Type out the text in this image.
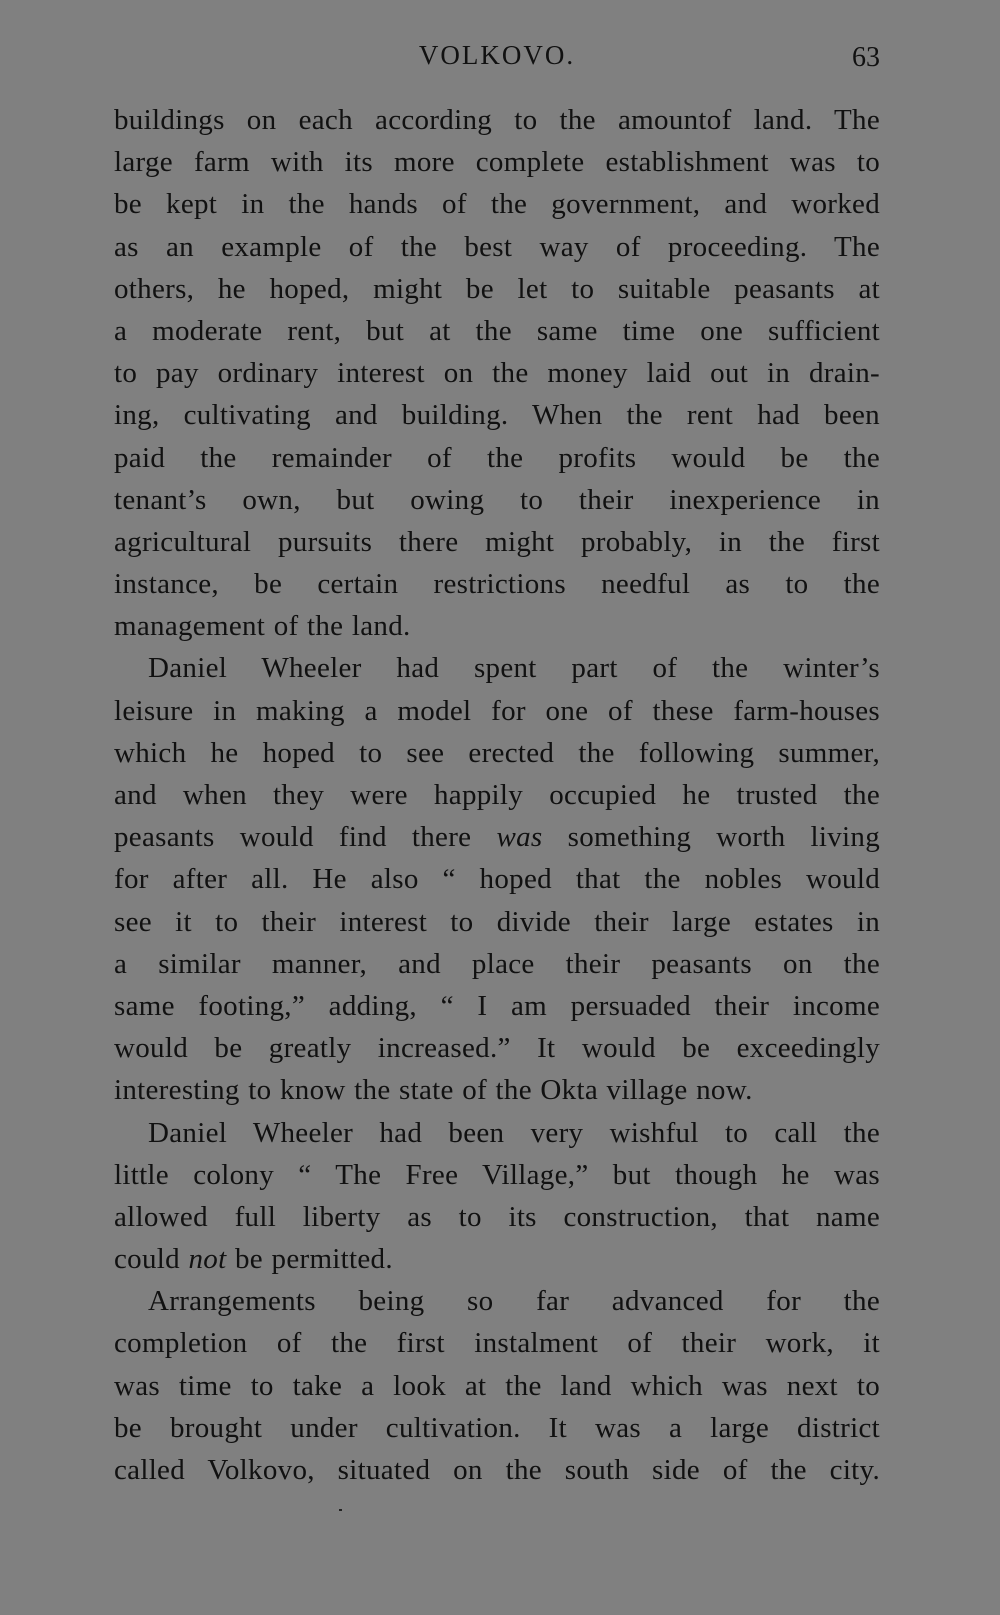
VOLKOVO.	63
buildings on each according to the amountof land. The
large farm with its more complete establishment was to
be kept in the hands of the government, and worked
as an example of the best way of proceeding. The
others, he hoped, might be let to suitable peasants at
a moderate rent, but at the same time one sufficient
to pay ordinary interest on the money laid out in drain-
ing, cultivating and building. When the rent had been
paid the remainder of the profits would be the
tenant’s own, but owing to their inexperience in
agricultural pursuits there might probably, in the first
instance, be certain restrictions needful as to the
management of the land.
Daniel Wheeler had spent part of the winter’s
leisure in making a model for one of these farm-houses
which he hoped to see erected the following summer,
and when they were happily occupied he trusted the
peasants would find there was something worth living
for after all. He also “ hoped that the nobles would
see it to their interest to divide their large estates in
a similar manner, and place their peasants on the
same footing,” adding, “ I am persuaded their income
would be greatly increased.” It would be exceedingly
interesting to know the state of the Okta village now.
Daniel Wheeler had been very wishful to call the
little colony “ The Free Village,” but though he was
allowed full liberty as to its construction, that name
could not be permitted.
Arrangements being so far advanced for the
completion of the first instalment of their work, it
was time to take a look at the land which was next to
be brought under cultivation. It was a large district
called Volkovo, situated on the south side of the city.
